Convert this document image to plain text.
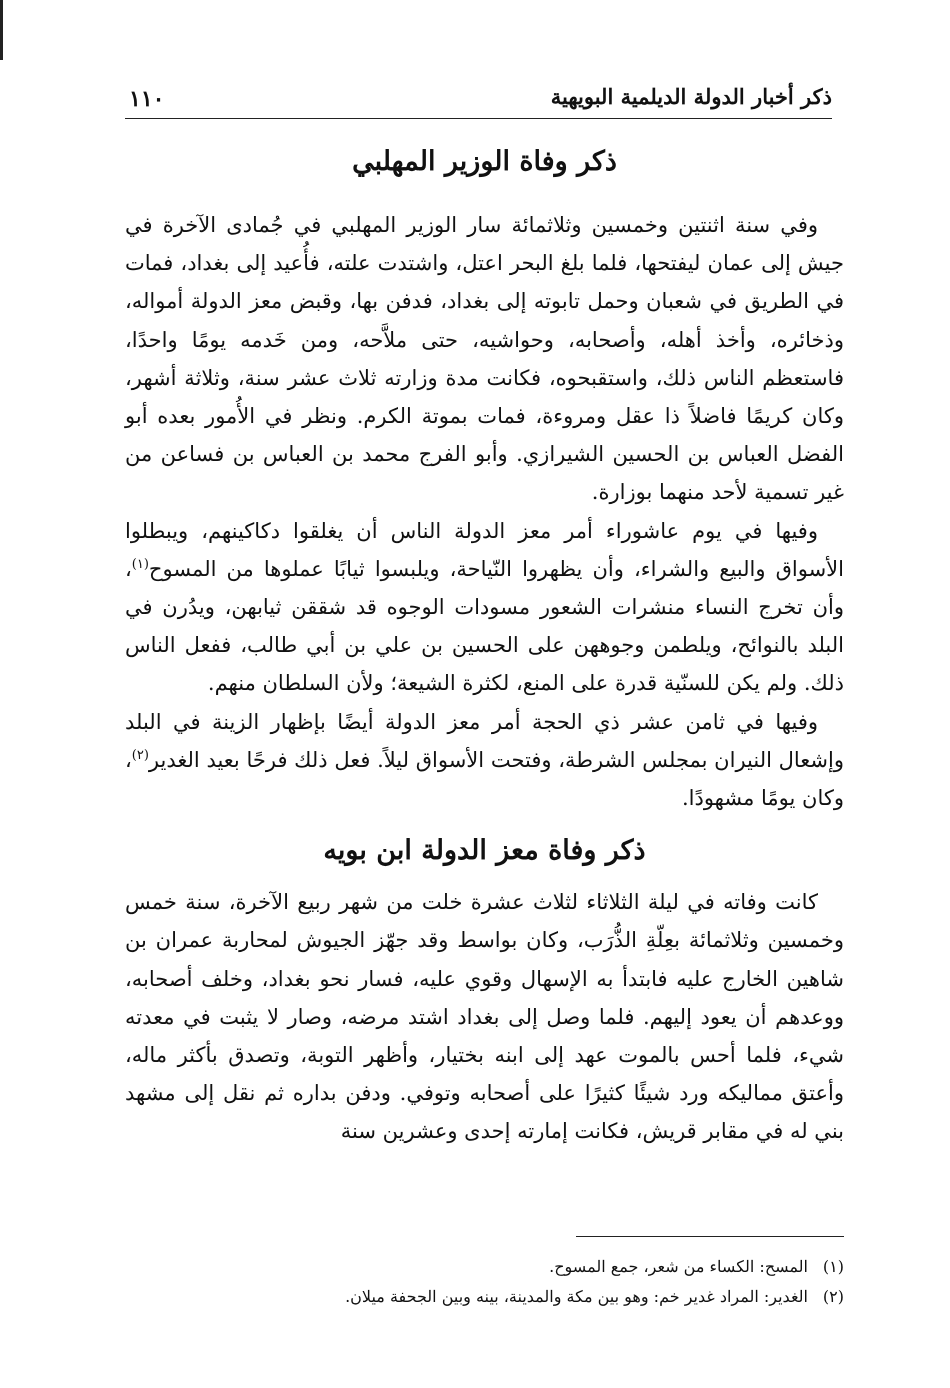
ذكر أخبار الدولة الديلمية البويهية
١١٠
ذكر وفاة الوزير المهلبي

وفي سنة اثنتين وخمسين وثلاثمائة سار الوزير المهلبي في جُمادى الآخرة في جيش إلى عمان ليفتحها، فلما بلغ البحر اعتل، واشتدت علته، فأُعيد إلى بغداد، فمات في الطريق في شعبان وحمل تابوته إلى بغداد، فدفن بها، وقبض معز الدولة أمواله، وذخائره، وأخذ أهله، وأصحابه، وحواشيه، حتى ملاَّحه، ومن خَدمه يومًا واحدًا، فاستعظم الناس ذلك، واستقبحوه، فكانت مدة وزارته ثلاث عشر سنة، وثلاثة أشهر، وكان كريمًا فاضلاً ذا عقل ومروءة، فمات بموتة الكرم. ونظر في الأُمور بعده أبو الفضل العباس بن الحسين الشيرازي. وأبو الفرج محمد بن العباس بن فساعن من غير تسمية لأحد منهما بوزارة.

وفيها في يوم عاشوراء أمر معز الدولة الناس أن يغلقوا دكاكينهم، ويبطلوا الأسواق والبيع والشراء، وأن يظهروا النّياحة، ويلبسوا ثيابًا عملوها من المسوح$^{(١)}$، وأن تخرج النساء منشرات الشعور مسودات الوجوه قد شققن ثيابهن، ويدُرن في البلد بالنوائح، ويلطمن وجوههن على الحسين بن علي بن أبي طالب، ففعل الناس ذلك. ولم يكن للسنّية قدرة على المنع، لكثرة الشيعة؛ ولأن السلطان منهم.

وفيها في ثامن عشر ذي الحجة أمر معز الدولة أيضًا بإظهار الزينة في البلد وإشعال النيران بمجلس الشرطة، وفتحت الأسواق ليلاً. فعل ذلك فرحًا بعيد الغدير$^{(٢)}$، وكان يومًا مشهودًا.

ذكر وفاة معز الدولة ابن بويه

كانت وفاته في ليلة الثلاثاء لثلاث عشرة خلت من شهر ربيع الآخرة، سنة خمس وخمسين وثلاثمائة بعِلّةِ الذُّرَب، وكان بواسط وقد جهّز الجيوش لمحاربة عمران بن شاهين الخارج عليه فابتدأ به الإسهال وقوي عليه، فسار نحو بغداد، وخلف أصحابه، ووعدهم أن يعود إليهم. فلما وصل إلى بغداد اشتد مرضه، وصار لا يثبت في معدته شيء، فلما أحس بالموت عهد إلى ابنه بختيار، وأظهر التوبة، وتصدق بأكثر ماله، وأعتق مماليكه ورد شيئًا كثيرًا على أصحابه وتوفي. ودفن بداره ثم نقل إلى مشهد بني له في مقابر قريش، فكانت إمارته إحدى وعشرين سنة

(١)المسح: الكساء من شعر، جمع المسوح.
(٢)الغدير: المراد غدير خم: وهو بين مكة والمدينة، بينه وبين الجحفة ميلان.
